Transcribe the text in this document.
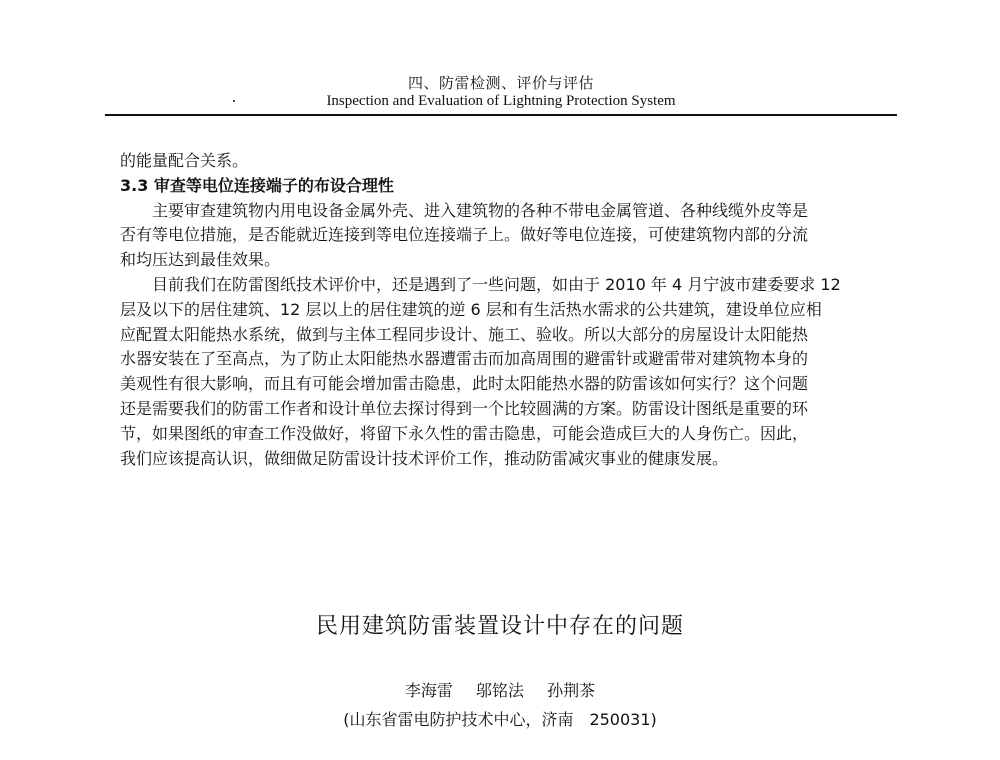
四、防雷检测、评价与评估
Inspection and Evaluation of Lightning Protection System

的能量配合关系。

3.3 审查等电位连接端子的布设合理性

主要审查建筑物内用电设备金属外壳、进入建筑物的各种不带电金属管道、各种线缆外皮等是

否有等电位措施，是否能就近连接到等电位连接端子上。做好等电位连接，可使建筑物内部的分流

和均压达到最佳效果。

目前我们在防雷图纸技术评价中，还是遇到了一些问题，如由于 2010 年 4 月宁波市建委要求 12

层及以下的居住建筑、12 层以上的居住建筑的逆 6 层和有生活热水需求的公共建筑，建设单位应相

应配置太阳能热水系统，做到与主体工程同步设计、施工、验收。所以大部分的房屋设计太阳能热

水器安装在了至高点，为了防止太阳能热水器遭雷击而加高周围的避雷针或避雷带对建筑物本身的

美观性有很大影响，而且有可能会增加雷击隐患，此时太阳能热水器的防雷该如何实行？这个问题

还是需要我们的防雷工作者和设计单位去探讨得到一个比较圆满的方案。防雷设计图纸是重要的环

节，如果图纸的审查工作没做好，将留下永久性的雷击隐患，可能会造成巨大的人身伤亡。因此，

我们应该提高认识，做细做足防雷设计技术评价工作，推动防雷减灾事业的健康发展。

民用建筑防雷装置设计中存在的问题
李海雷 邬铭法 孙荆茶
(山东省雷电防护技术中心，济南　250031)
